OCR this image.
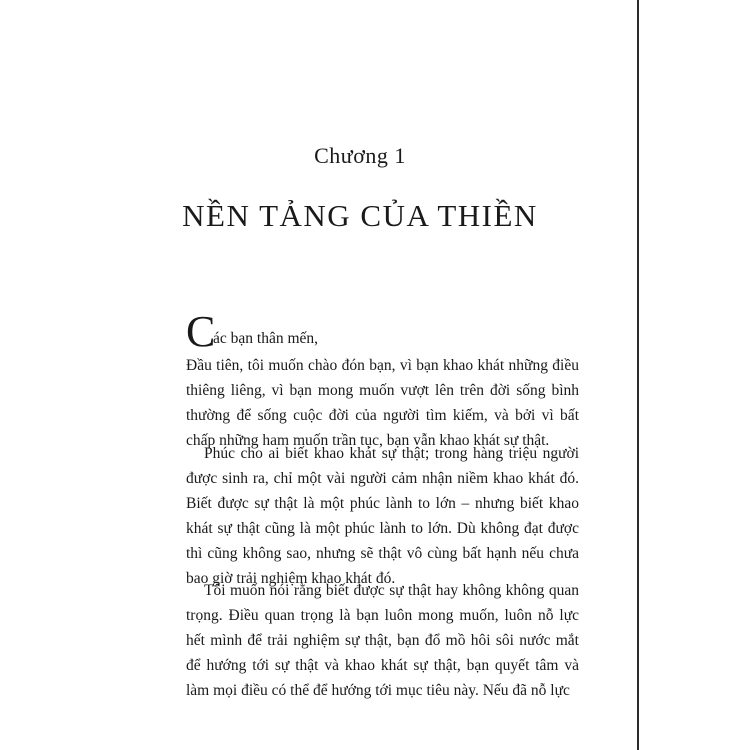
Chương 1
NỀN TẢNG CỦA THIỀN
C
ác bạn thân mến,

Đầu tiên, tôi muốn chào đón bạn, vì bạn khao khát những điều thiêng liêng, vì bạn mong muốn vượt lên trên đời sống bình thường để sống cuộc đời của người tìm kiếm, và bởi vì bất chấp những ham muốn trần tục, bạn vẫn khao khát sự thật.

Phúc cho ai biết khao khát sự thật; trong hàng triệu người được sinh ra, chỉ một vài người cảm nhận niềm khao khát đó. Biết được sự thật là một phúc lành to lớn – nhưng biết khao khát sự thật cũng là một phúc lành to lớn. Dù không đạt được thì cũng không sao, nhưng sẽ thật vô cùng bất hạnh nếu chưa bao giờ trải nghiệm khao khát đó.

Tôi muốn nói rằng biết được sự thật hay không không quan trọng. Điều quan trọng là bạn luôn mong muốn, luôn nỗ lực hết mình để trải nghiệm sự thật, bạn đổ mồ hôi sôi nước mắt để hướng tới sự thật và khao khát sự thật, bạn quyết tâm và làm mọi điều có thể để hướng tới mục tiêu này. Nếu đã nỗ lực
